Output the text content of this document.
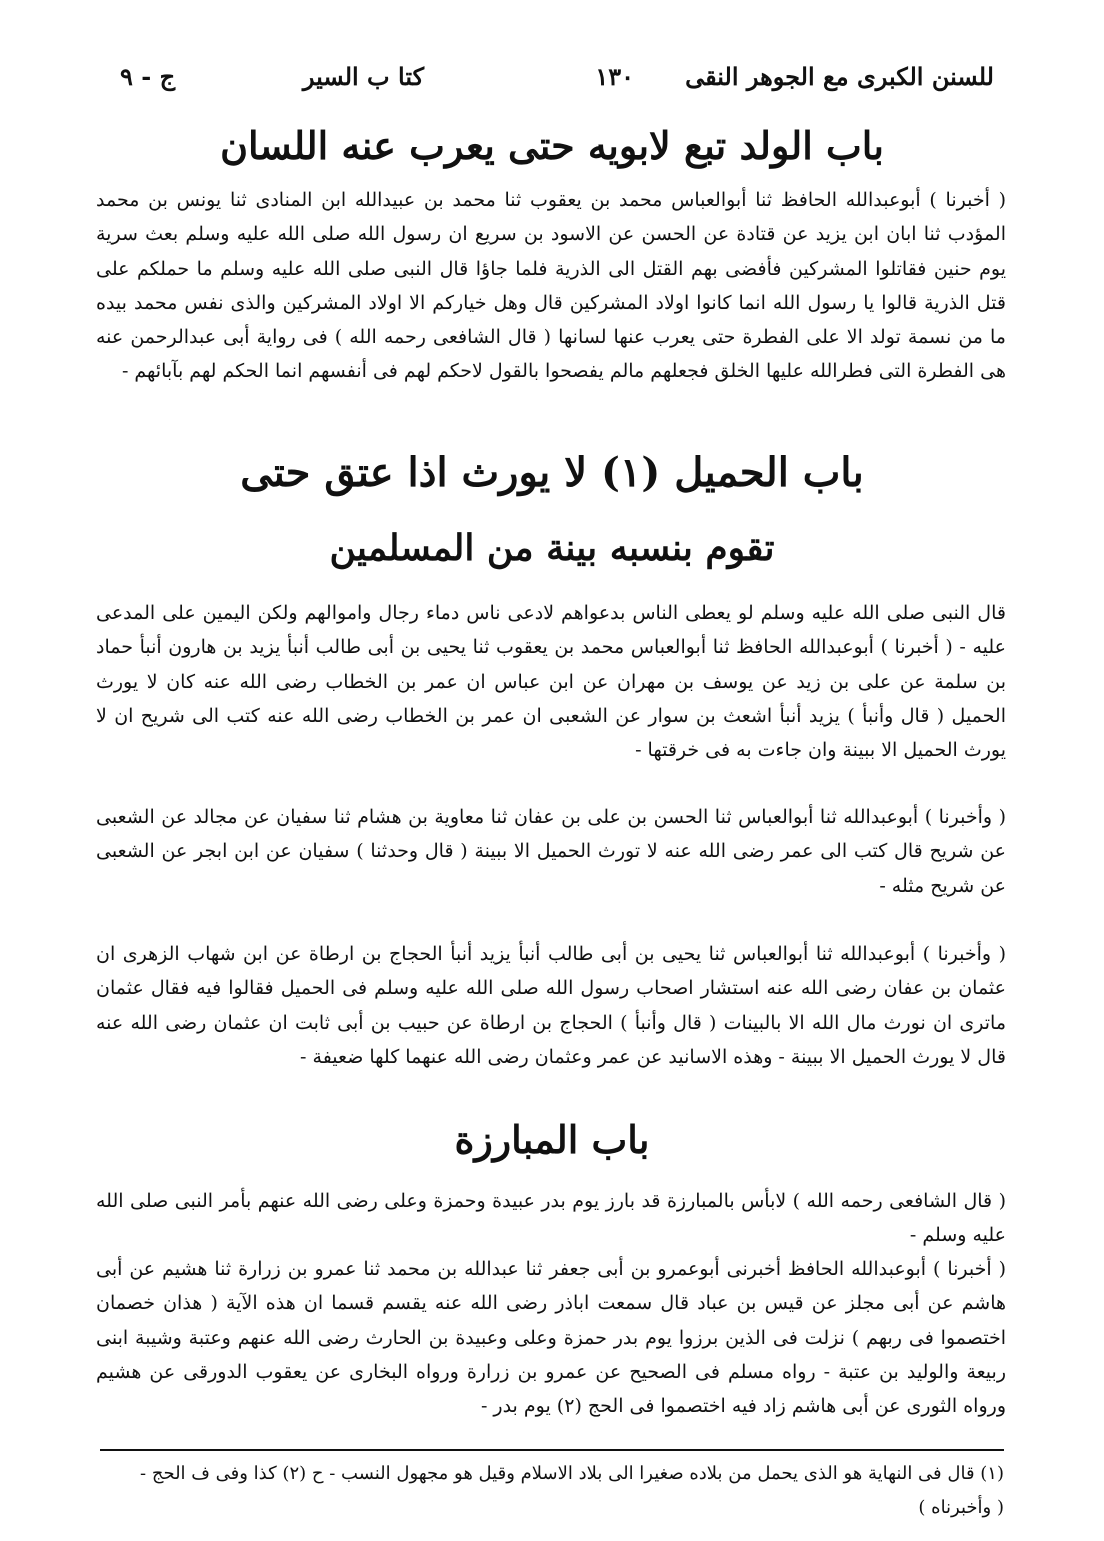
للسنن الكبرى مع الجوهر النقى
١٣٠
كتا ب السير
ج - ٩
باب الولد تبع لابويه حتى يعرب عنه اللسان
( أخبرنا ) أبوعبدالله الحافظ ثنا أبوالعباس محمد بن يعقوب ثنا محمد بن عبيدالله ابن المنادى ثنا يونس بن محمد المؤدب ثنا ابان ابن يزيد عن قتادة عن الحسن عن الاسود بن سريع ان رسول الله صلى الله عليه وسلم بعث سرية يوم حنين فقاتلوا المشركين فأفضى بهم القتل الى الذرية فلما جاؤا قال النبى صلى الله عليه وسلم ما حملكم على قتل الذرية قالوا يا رسول الله انما كانوا اولاد المشركين قال وهل خياركم الا اولاد المشركين والذى نفس محمد بيده ما من نسمة تولد الا على الفطرة حتى يعرب عنها لسانها ( قال الشافعى رحمه الله ) فى رواية أبى عبدالرحمن عنه هى الفطرة التى فطرالله عليها الخلق فجعلهم مالم يفصحوا بالقول لاحكم لهم فى أنفسهم انما الحكم لهم بآبائهم -
باب الحميل (١) لا يورث اذا عتق حتى
تقوم بنسبه بينة من المسلمين
قال النبى صلى الله عليه وسلم لو يعطى الناس بدعواهم لادعى ناس دماء رجال واموالهم ولكن اليمين على المدعى عليه - ( أخبرنا ) أبوعبدالله الحافظ ثنا أبوالعباس محمد بن يعقوب ثنا يحيى بن أبى طالب أنبأ يزيد بن هارون أنبأ حماد بن سلمة عن على بن زيد عن يوسف بن مهران عن ابن عباس ان عمر بن الخطاب رضى الله عنه كان لا يورث الحميل ( قال وأنبأ ) يزيد أنبأ اشعث بن سوار عن الشعبى ان عمر بن الخطاب رضى الله عنه كتب الى شريح ان لا يورث الحميل الا ببينة وان جاءت به فى خرقتها -
( وأخبرنا ) أبوعبدالله ثنا أبوالعباس ثنا الحسن بن على بن عفان ثنا معاوية بن هشام ثنا سفيان عن مجالد عن الشعبى عن شريح قال كتب الى عمر رضى الله عنه لا تورث الحميل الا ببينة ( قال وحدثنا ) سفيان عن ابن ابجر عن الشعبى عن شريح مثله -
( وأخبرنا ) أبوعبدالله ثنا أبوالعباس ثنا يحيى بن أبى طالب أنبأ يزيد أنبأ الحجاج بن ارطاة عن ابن شهاب الزهرى ان عثمان بن عفان رضى الله عنه استشار اصحاب رسول الله صلى الله عليه وسلم فى الحميل فقالوا فيه فقال عثمان ماترى ان نورث مال الله الا بالبينات ( قال وأنبأ ) الحجاج بن ارطاة عن حبيب بن أبى ثابت ان عثمان رضى الله عنه قال لا يورث الحميل الا ببينة - وهذه الاسانيد عن عمر وعثمان رضى الله عنهما كلها ضعيفة -
باب المبارزة
( قال الشافعى رحمه الله ) لابأس بالمبارزة قد بارز يوم بدر عبيدة وحمزة وعلى رضى الله عنهم بأمر النبى صلى الله عليه وسلم -
( أخبرنا ) أبوعبدالله الحافظ أخبرنى أبوعمرو بن أبى جعفر ثنا عبدالله بن محمد ثنا عمرو بن زرارة ثنا هشيم عن أبى هاشم عن أبى مجلز عن قيس بن عباد قال سمعت اباذر رضى الله عنه يقسم قسما ان هذه الآية ( هذان خصمان اختصموا فى ربهم ) نزلت فى الذين برزوا يوم بدر حمزة وعلى وعبيدة بن الحارث رضى الله عنهم وعتبة وشيبة ابنى ربيعة والوليد بن عتبة - رواه مسلم فى الصحيح عن عمرو بن زرارة ورواه البخارى عن يعقوب الدورقى عن هشيم ورواه الثورى عن أبى هاشم زاد فيه اختصموا فى الحج (٢) يوم بدر -
(١) قال فى النهاية هو الذى يحمل من بلاده صغيرا الى بلاد الاسلام وقيل هو مجهول النسب - ح (٢) كذا وفى ف الحج -
( وأخبرناه )
